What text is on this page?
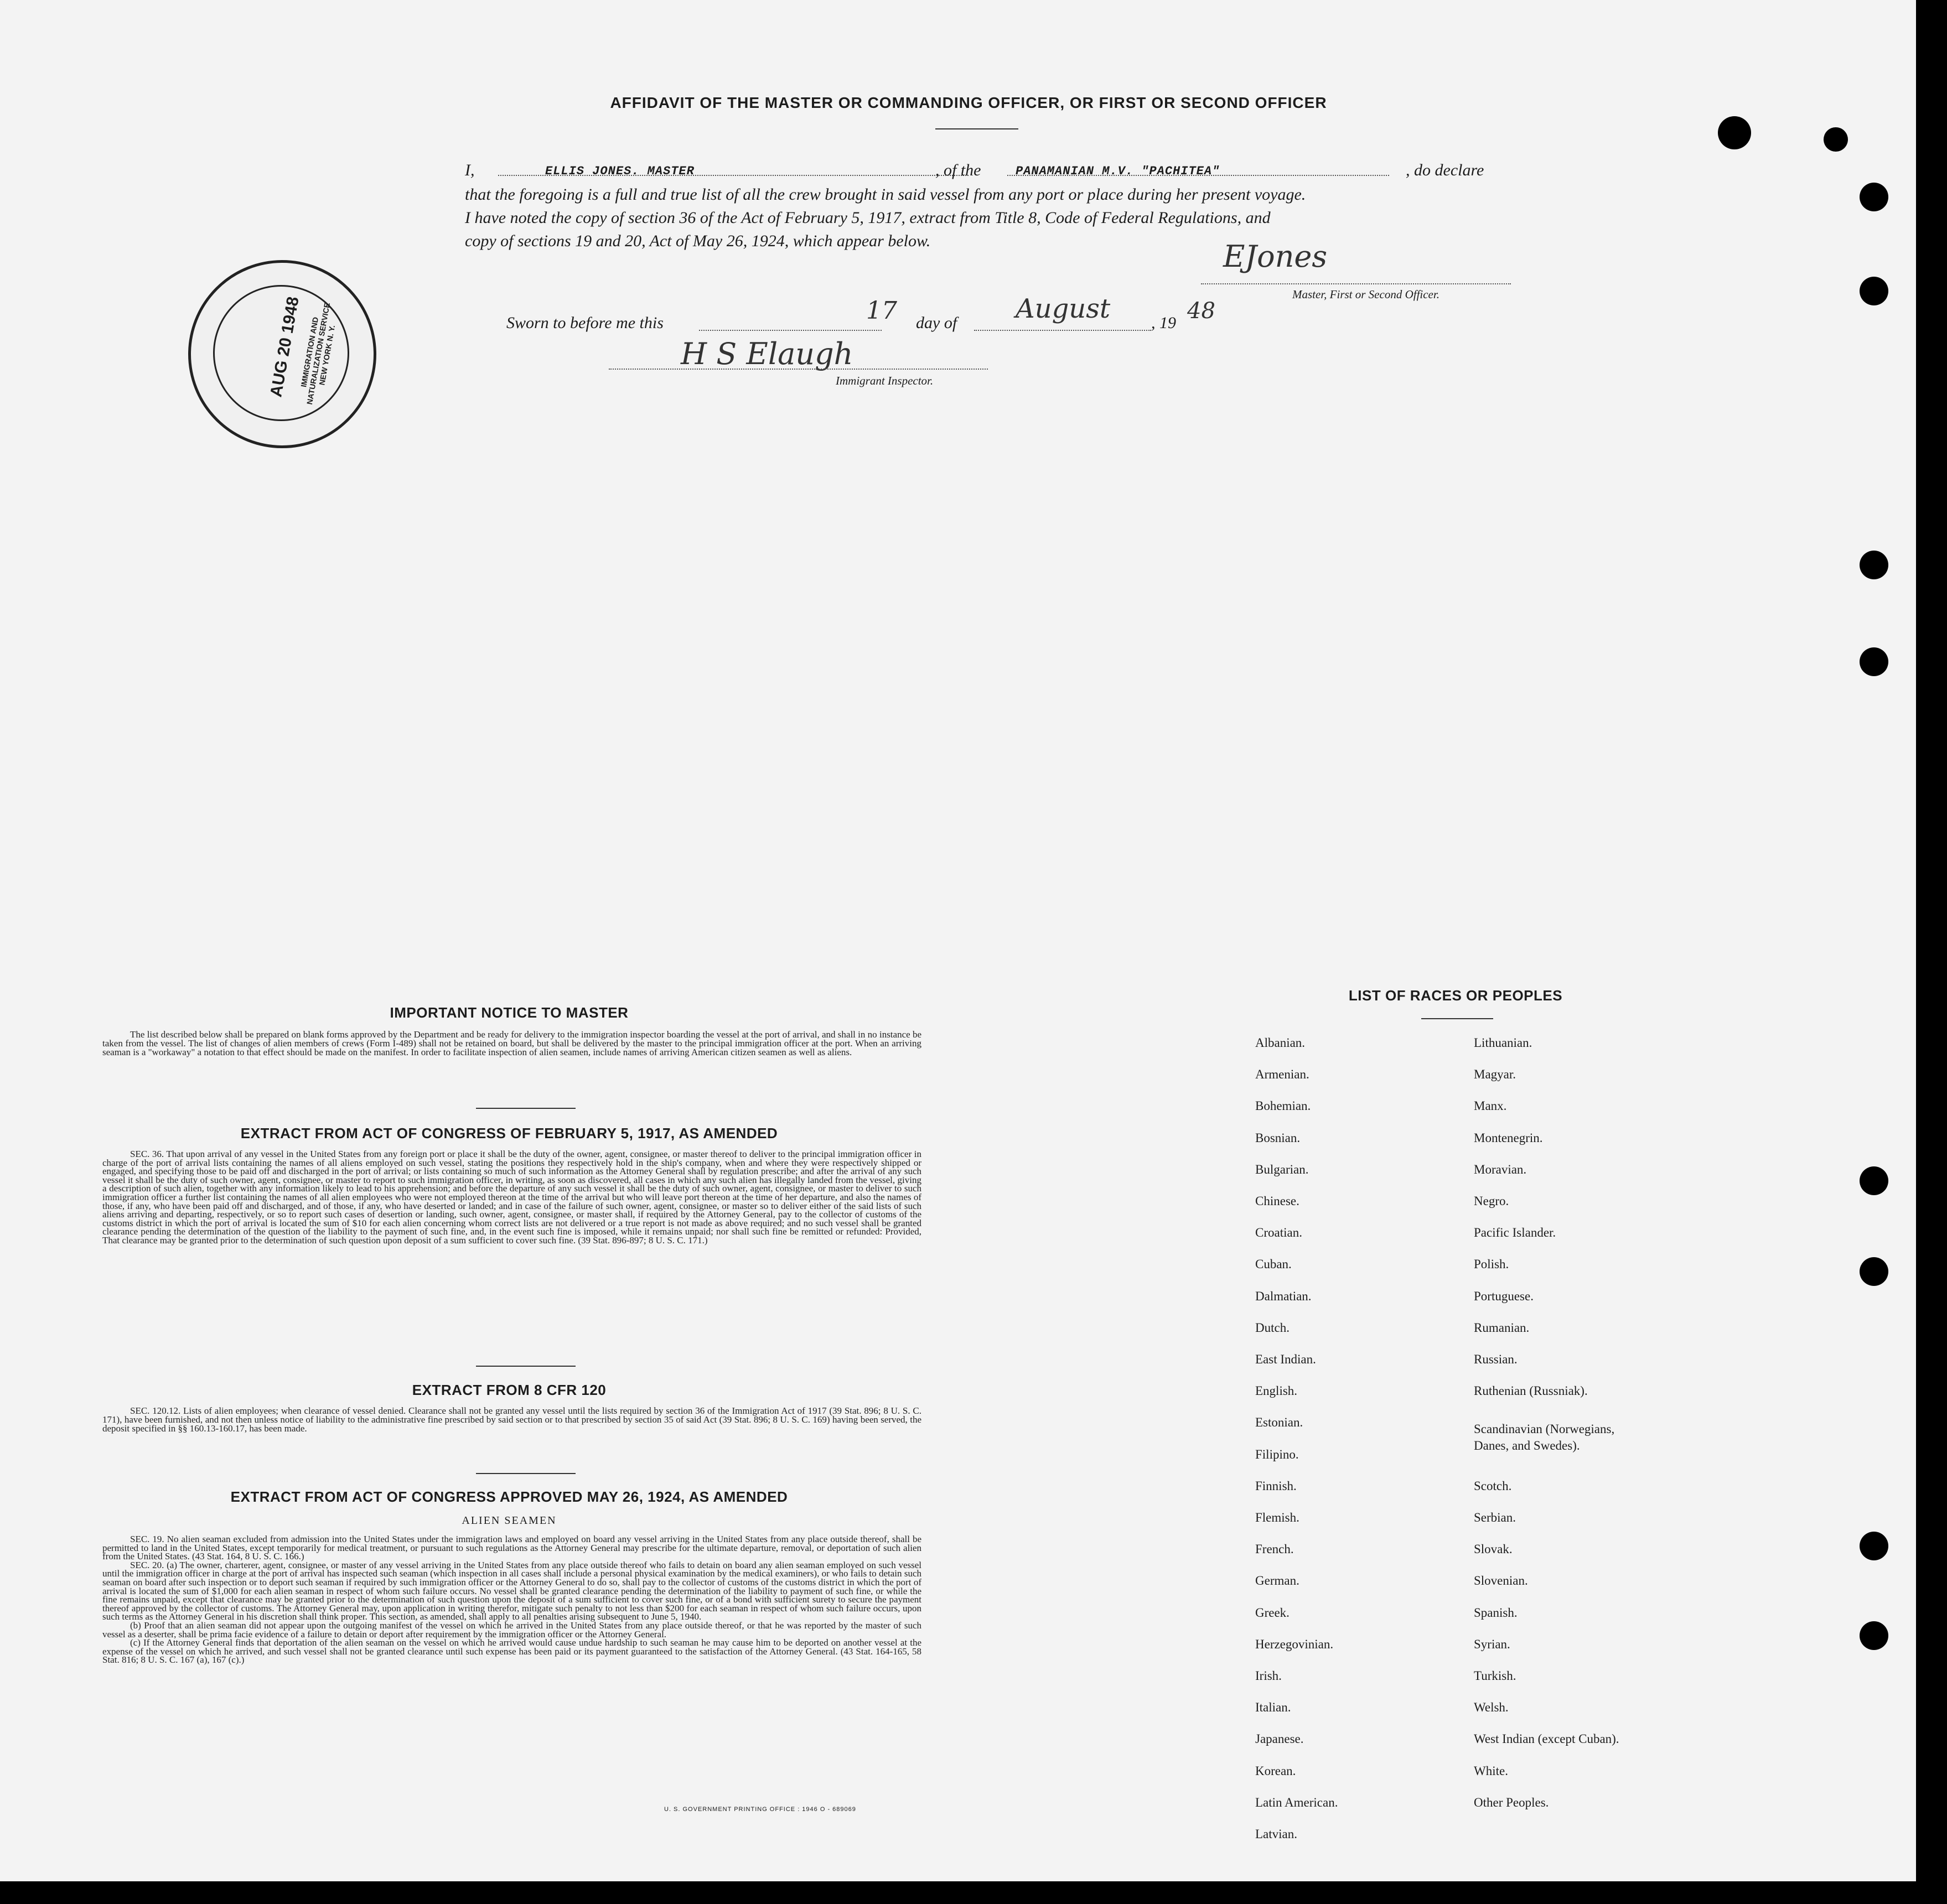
AFFIDAVIT OF THE MASTER OR COMMANDING OFFICER, OR FIRST OR SECOND OFFICER
I,	ELLIS JONES. MASTER	, of the	PANAMANIAN M.V. "PACHITEA"	, do declare
that the foregoing is a full and true list of all the crew brought in said vessel from any port or place during her present voyage.
I have noted the copy of section 36 of the Act of February 5, 1917, extract from Title 8, Code of Federal Regulations, and
copy of sections 19 and 20, Act of May 26, 1924, which appear below.	EJones
Master, First or Second Officer.
Sworn to before me this	17 day of August , 19 48
H S Elaugh
Immigrant Inspector.
AUG 20 1948
IMMIGRATION AND NATURALIZATION SERVICE NEW YORK N. Y.
IMPORTANT NOTICE TO MASTER

The list described below shall be prepared on blank forms approved by the Department and be ready for delivery to the immigration inspector boarding the vessel at the port of arrival, and shall in no instance be taken from the vessel. The list of changes of alien members of crews (Form I-489) shall not be retained on board, but shall be delivered by the master to the principal immigration officer at the port. When an arriving seaman is a "workaway" a notation to that effect should be made on the manifest. In order to facilitate inspection of alien seamen, include names of arriving American citizen seamen as well as aliens.

EXTRACT FROM ACT OF CONGRESS OF FEBRUARY 5, 1917, AS AMENDED

SEC. 36. That upon arrival of any vessel in the United States from any foreign port or place it shall be the duty of the owner, agent, consignee, or master thereof to deliver to the principal immigration officer in charge of the port of arrival lists containing the names of all aliens employed on such vessel, stating the positions they respectively hold in the ship's company, when and where they were respectively shipped or engaged, and specifying those to be paid off and discharged in the port of arrival; or lists containing so much of such information as the Attorney General shall by regulation prescribe; and after the arrival of any such vessel it shall be the duty of such owner, agent, consignee, or master to report to such immigration officer, in writing, as soon as discovered, all cases in which any such alien has illegally landed from the vessel, giving a description of such alien, together with any information likely to lead to his apprehension; and before the departure of any such vessel it shall be the duty of such owner, agent, consignee, or master to deliver to such immigration officer a further list containing the names of all alien employees who were not employed thereon at the time of the arrival but who will leave port thereon at the time of her departure, and also the names of those, if any, who have been paid off and discharged, and of those, if any, who have deserted or landed; and in case of the failure of such owner, agent, consignee, or master so to deliver either of the said lists of such aliens arriving and departing, respectively, or so to report such cases of desertion or landing, such owner, agent, consignee, or master shall, if required by the Attorney General, pay to the collector of customs of the customs district in which the port of arrival is located the sum of $10 for each alien concerning whom correct lists are not delivered or a true report is not made as above required; and no such vessel shall be granted clearance pending the determination of the question of the liability to the payment of such fine, and, in the event such fine is imposed, while it remains unpaid; nor shall such fine be remitted or refunded: Provided, That clearance may be granted prior to the determination of such question upon deposit of a sum sufficient to cover such fine. (39 Stat. 896-897; 8 U. S. C. 171.)

EXTRACT FROM 8 CFR 120

SEC. 120.12. Lists of alien employees; when clearance of vessel denied. Clearance shall not be granted any vessel until the lists required by section 36 of the Immigration Act of 1917 (39 Stat. 896; 8 U. S. C. 171), have been furnished, and not then unless notice of liability to the administrative fine prescribed by said section or to that prescribed by section 35 of said Act (39 Stat. 896; 8 U. S. C. 169) having been served, the deposit specified in §§ 160.13-160.17, has been made.

EXTRACT FROM ACT OF CONGRESS APPROVED MAY 26, 1924, AS AMENDED
ALIEN SEAMEN

SEC. 19. No alien seaman excluded from admission into the United States under the immigration laws and employed on board any vessel arriving in the United States from any place outside thereof, shall be permitted to land in the United States, except temporarily for medical treatment, or pursuant to such regulations as the Attorney General may prescribe for the ultimate departure, removal, or deportation of such alien from the United States. (43 Stat. 164, 8 U. S. C. 166.)

SEC. 20. (a) The owner, charterer, agent, consignee, or master of any vessel arriving in the United States from any place outside thereof who fails to detain on board any alien seaman employed on such vessel until the immigration officer in charge at the port of arrival has inspected such seaman (which inspection in all cases shall include a personal physical examination by the medical examiners), or who fails to detain such seaman on board after such inspection or to deport such seaman if required by such immigration officer or the Attorney General to do so, shall pay to the collector of customs of the customs district in which the port of arrival is located the sum of $1,000 for each alien seaman in respect of whom such failure occurs. No vessel shall be granted clearance pending the determination of the liability to payment of such fine, or while the fine remains unpaid, except that clearance may be granted prior to the determination of such question upon the deposit of a sum sufficient to cover such fine, or of a bond with sufficient surety to secure the payment thereof approved by the collector of customs. The Attorney General may, upon application in writing therefor, mitigate such penalty to not less than $200 for each seaman in respect of whom such failure occurs, upon such terms as the Attorney General in his discretion shall think proper. This section, as amended, shall apply to all penalties arising subsequent to June 5, 1940.

(b) Proof that an alien seaman did not appear upon the outgoing manifest of the vessel on which he arrived in the United States from any place outside thereof, or that he was reported by the master of such vessel as a deserter, shall be prima facie evidence of a failure to detain or deport after requirement by the immigration officer or the Attorney General.

(c) If the Attorney General finds that deportation of the alien seaman on the vessel on which he arrived would cause undue hardship to such seaman he may cause him to be deported on another vessel at the expense of the vessel on which he arrived, and such vessel shall not be granted clearance until such expense has been paid or its payment guaranteed to the satisfaction of the Attorney General. (43 Stat. 164-165, 58 Stat. 816; 8 U. S. C. 167 (a), 167 (c).)

U. S. GOVERNMENT PRINTING OFFICE : 1946 O - 689069
LIST OF RACES OR PEOPLES
Albanian.
Armenian.
Bohemian.
Bosnian.
Bulgarian.
Chinese.
Croatian.
Cuban.
Dalmatian.
Dutch.
East Indian.
English.
Estonian.
Filipino.
Finnish.
Flemish.
French.
German.
Greek.
Herzegovinian.
Irish.
Italian.
Japanese.
Korean.
Latin American.
Latvian.
Lithuanian.
Magyar.
Manx.
Montenegrin.
Moravian.
Negro.
Pacific Islander.
Polish.
Portuguese.
Rumanian.
Russian.
Ruthenian (Russniak).
Scandinavian (Norwegians,
Danes, and Swedes).
Scotch.
Serbian.
Slovak.
Slovenian.
Spanish.
Syrian.
Turkish.
Welsh.
West Indian (except Cuban).
White.
Other Peoples.
